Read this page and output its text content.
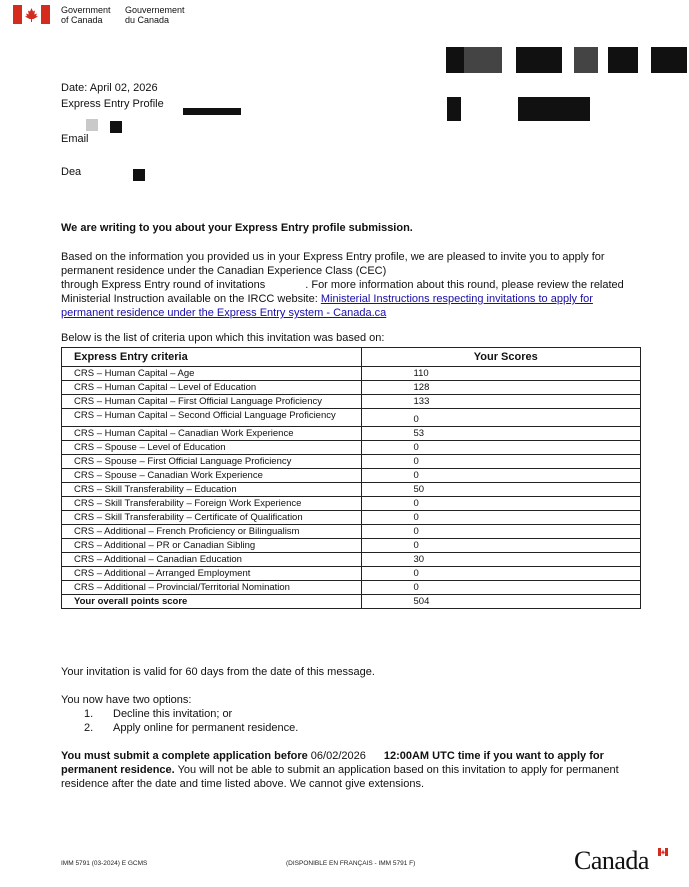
Government
of Canada
Gouvernement
du Canada
Date: April 02, 2026
Express Entry Profile
Email
Dea
We are writing to you about your Express Entry profile submission.
Based on the information you provided us in your Express Entry profile, we are pleased to invite you to apply for
permanent residence under the Canadian Experience Class (CEC)
through Express Entry round of invitations	. For more information about this round, please review the related
Ministerial Instruction available on the IRCC website: Ministerial Instructions respecting invitations to apply for
permanent residence under the Express Entry system - Canada.ca
Below is the list of criteria upon which this invitation was based on:
Express Entry criteria	Your Scores
CRS – Human Capital – Age	110
CRS – Human Capital – Level of Education	128
CRS – Human Capital – First Official Language Proficiency	133
CRS – Human Capital – Second Official Language Proficiency	0
CRS – Human Capital – Canadian Work Experience	53
CRS – Spouse – Level of Education	0
CRS – Spouse – First Official Language Proficiency	0
CRS – Spouse – Canadian Work Experience	0
CRS – Skill Transferability – Education	50
CRS – Skill Transferability – Foreign Work Experience	0
CRS – Skill Transferability – Certificate of Qualification	0
CRS – Additional – French Proficiency or Bilingualism	0
CRS – Additional – PR or Canadian Sibling	0
CRS – Additional – Canadian Education	30
CRS – Additional – Arranged Employment	0
CRS – Additional – Provincial/Territorial Nomination	0
Your overall points score	504
Your invitation is valid for 60 days from the date of this message.
You now have two options:
1. Decline this invitation; or
2. Apply online for permanent residence.
You must submit a complete application before 06/02/2026 12:00AM UTC time if you want to apply for
permanent residence. You will not be able to submit an application based on this invitation to apply for permanent
residence after the date and time listed above. We cannot give extensions.
IMM 5791 (03-2024) E GCMS	(DISPONIBLE EN FRANÇAIS - IMM 5791 F)	Canada
